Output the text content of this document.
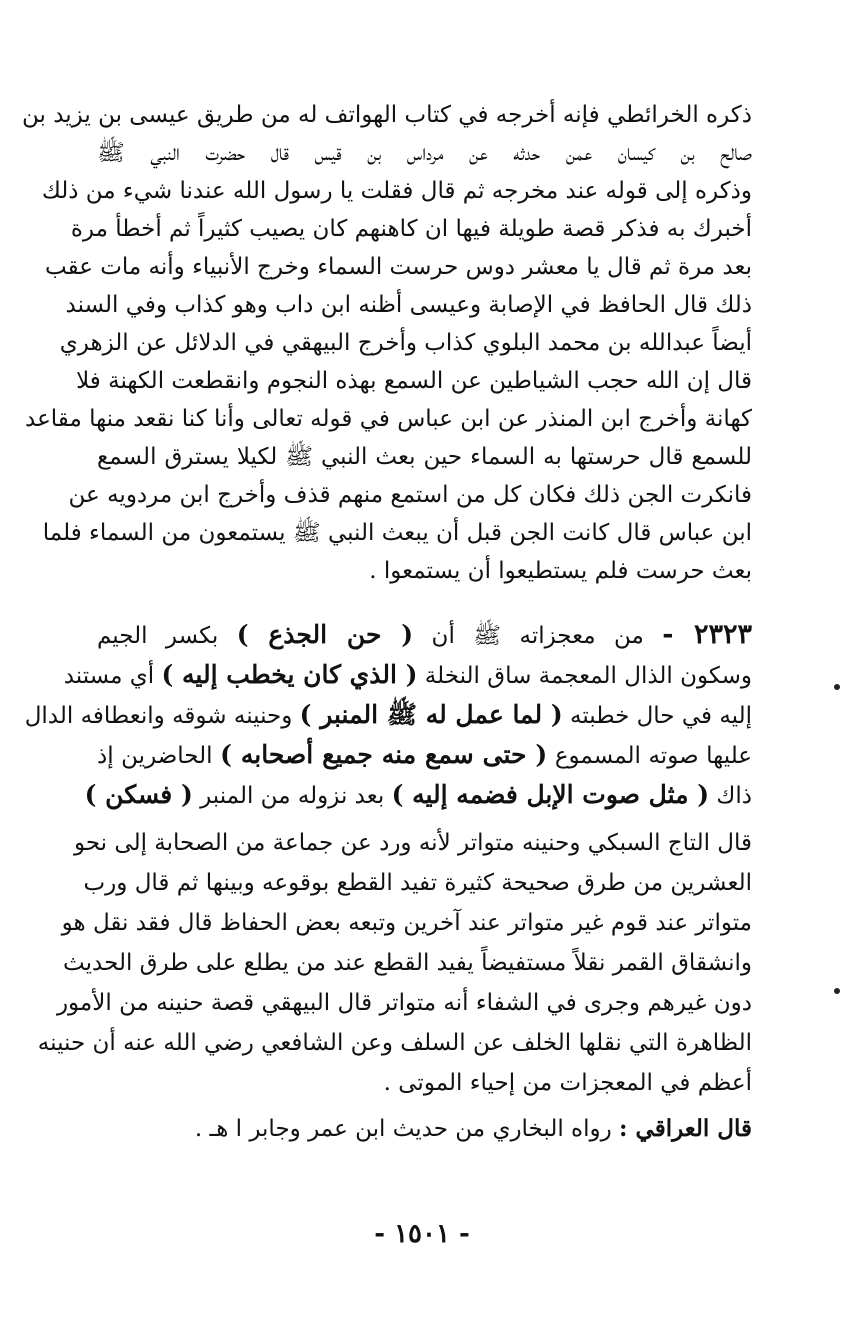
ذكره الخرائطي فإنه أخرجه في كتاب الهواتف له من طريق عيسى بن يزيد بن
صالح بن كيسان عمن حدثه عن مرداس بن قيس قال حضرت النبي ﷺ
وذكره إلى قوله عند مخرجه ثم قال فقلت يا رسول الله عندنا شيء من ذلك
أخبرك به فذكر قصة طويلة فيها ان كاهنهم كان يصيب كثيراً ثم أخطأ مرة
بعد مرة ثم قال يا معشر دوس حرست السماء وخرج الأنبياء وأنه مات عقب
ذلك قال الحافظ في الإصابة وعيسى أظنه ابن داب وهو كذاب وفي السند
أيضاً عبدالله بن محمد البلوي كذاب وأخرج البيهقي في الدلائل عن الزهري
قال إن الله حجب الشياطين عن السمع بهذه النجوم وانقطعت الكهنة فلا
كهانة وأخرج ابن المنذر عن ابن عباس في قوله تعالى وأنا كنا نقعد منها مقاعد
للسمع قال حرستها به السماء حين بعث النبي ﷺ لكيلا يسترق السمع
فانكرت الجن ذلك فكان كل من استمع منهم قذف وأخرج ابن مردويه عن
ابن عباس قال كانت الجن قبل أن يبعث النبي ﷺ يستمعون من السماء فلما
بعث حرست فلم يستطيعوا أن يستمعوا .
٢٣٢٣ - من معجزاته ﷺ أن ( حن الجذع ) بكسر الجيم
وسكون الذال المعجمة ساق النخلة ( الذي كان يخطب إليه ) أي مستند
إليه في حال خطبته ( لما عمل له ﷺ المنبر ) وحنينه شوقه وانعطافه الدال
عليها صوته المسموع ( حتى سمع منه جميع أصحابه ) الحاضرين إذ
ذاك ( مثل صوت الإبل فضمه إليه ) بعد نزوله من المنبر ( فسكن )
قال التاج السبكي وحنينه متواتر لأنه ورد عن جماعة من الصحابة إلى نحو
العشرين من طرق صحيحة كثيرة تفيد القطع بوقوعه وبينها ثم قال ورب
متواتر عند قوم غير متواتر عند آخرين وتبعه بعض الحفاظ قال فقد نقل هو
وانشقاق القمر نقلاً مستفيضاً يفيد القطع عند من يطلع على طرق الحديث
دون غيرهم وجرى في الشفاء أنه متواتر قال البيهقي قصة حنينه من الأمور
الظاهرة التي نقلها الخلف عن السلف وعن الشافعي رضي الله عنه أن حنينه
أعظم في المعجزات من إحياء الموتى .
قال العراقي : رواه البخاري من حديث ابن عمر وجابر ا هـ .
- ١٥٠١ -
